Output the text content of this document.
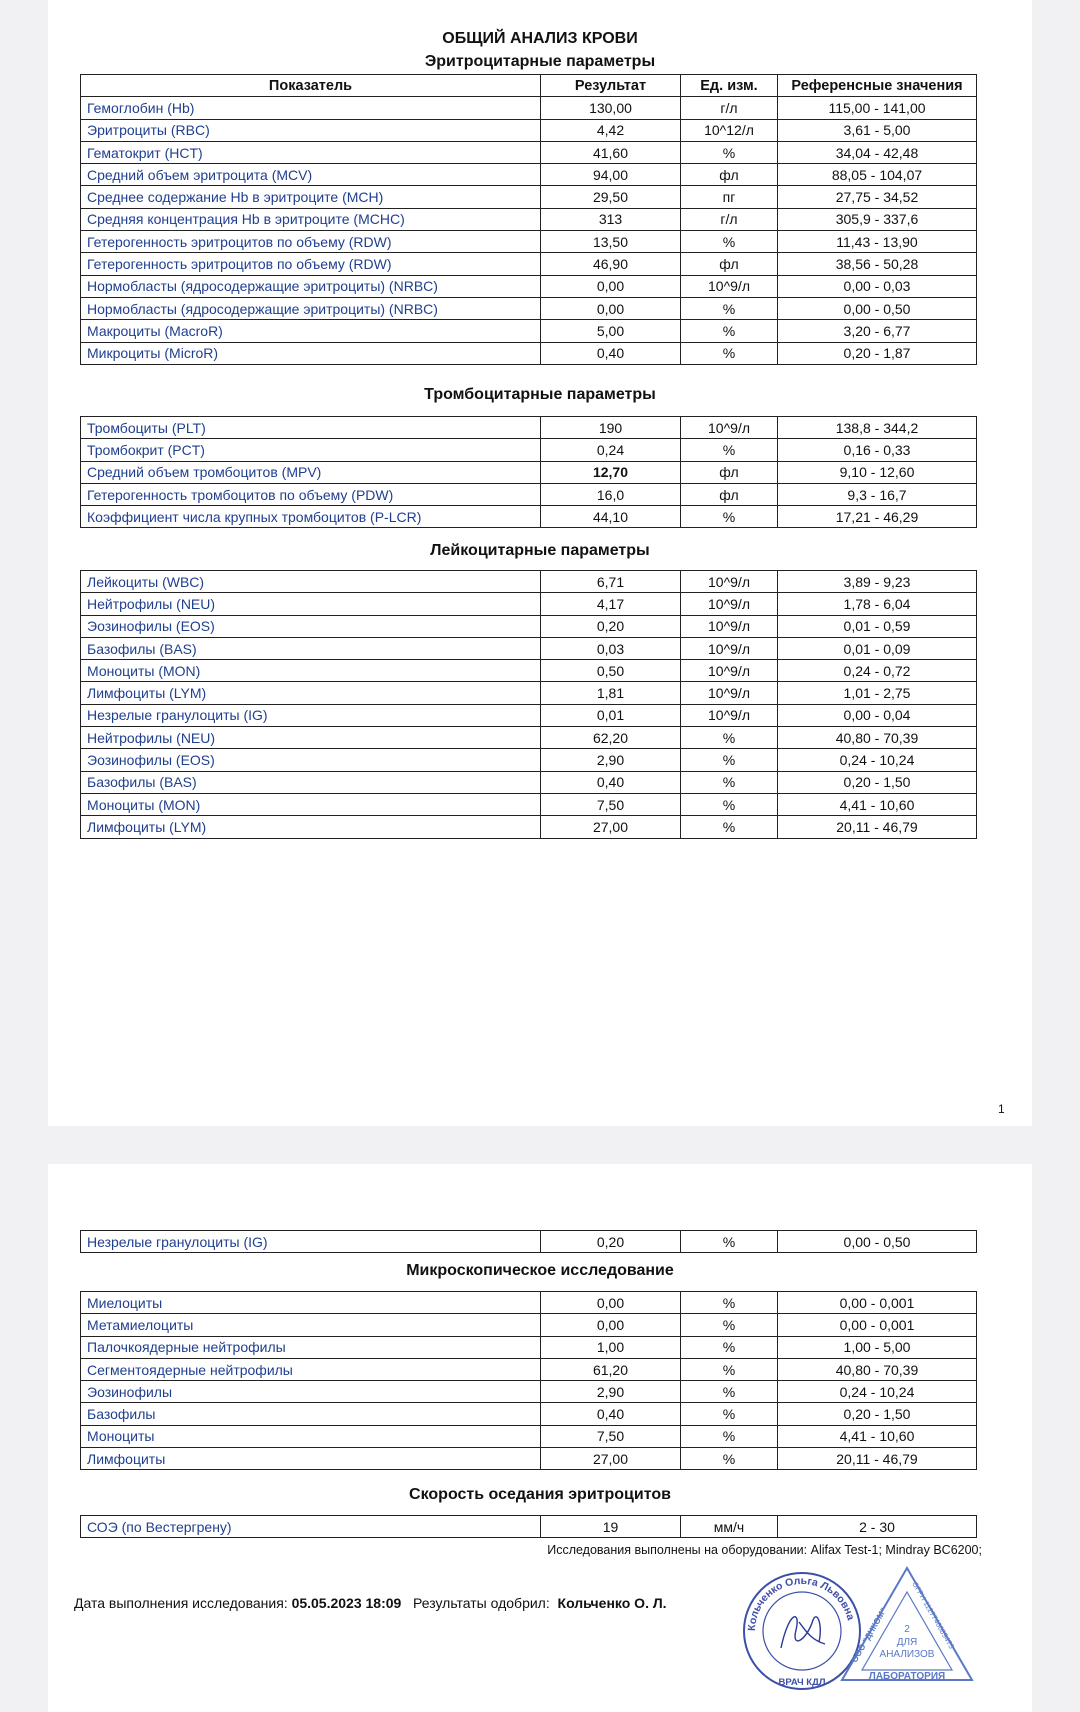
ОБЩИЙ АНАЛИЗ КРОВИ
Эритроцитарные параметры
Показатель	Результат	Ед. изм.	Референсные значения
Гемоглобин (Hb)	130,00	г/л	115,00 - 141,00
Эритроциты (RBC)	4,42	10^12/л	3,61 - 5,00
Гематокрит (HCT)	41,60	%	34,04 - 42,48
Средний объем эритроцита (MCV)	94,00	фл	88,05 - 104,07
Среднее содержание Hb в эритроците (MCH)	29,50	пг	27,75 - 34,52
Средняя концентрация Hb в эритроците (MCHC)	313	г/л	305,9 - 337,6
Гетерогенность эритроцитов по объему (RDW)	13,50	%	11,43 - 13,90
Гетерогенность эритроцитов по объему (RDW)	46,90	фл	38,56 - 50,28
Нормобласты (ядросодержащие эритроциты) (NRBC)	0,00	10^9/л	0,00 - 0,03
Нормобласты (ядросодержащие эритроциты) (NRBC)	0,00	%	0,00 - 0,50
Макроциты (MacroR)	5,00	%	3,20 - 6,77
Микроциты (MicroR)	0,40	%	0,20 - 1,87
Тромбоцитарные параметры
Тромбоциты (PLT)	190	10^9/л	138,8 - 344,2
Тромбокрит (PCT)	0,24	%	0,16 - 0,33
Средний объем тромбоцитов (MPV)	12,70	фл	9,10 - 12,60
Гетерогенность тромбоцитов по объему (PDW)	16,0	фл	9,3 - 16,7
Коэффициент числа крупных тромбоцитов (P-LCR)	44,10	%	17,21 - 46,29
Лейкоцитарные параметры
Лейкоциты (WBC)	6,71	10^9/л	3,89 - 9,23
Нейтрофилы (NEU)	4,17	10^9/л	1,78 - 6,04
Эозинофилы (EOS)	0,20	10^9/л	0,01 - 0,59
Базофилы (BAS)	0,03	10^9/л	0,01 - 0,09
Моноциты (MON)	0,50	10^9/л	0,24 - 0,72
Лимфоциты (LYM)	1,81	10^9/л	1,01 - 2,75
Незрелые гранулоциты (IG)	0,01	10^9/л	0,00 - 0,04
Нейтрофилы (NEU)	62,20	%	40,80 - 70,39
Эозинофилы (EOS)	2,90	%	0,24 - 10,24
Базофилы (BAS)	0,40	%	0,20 - 1,50
Моноциты (MON)	7,50	%	4,41 - 10,60
Лимфоциты (LYM)	27,00	%	20,11 - 46,79
1
Незрелые гранулоциты (IG)	0,20	%	0,00 - 0,50
Микроскопическое исследование
Миелоциты	0,00	%	0,00 - 0,001
Метамиелоциты	0,00	%	0,00 - 0,001
Палочкоядерные нейтрофилы	1,00	%	1,00 - 5,00
Сегментоядерные нейтрофилы	61,20	%	40,80 - 70,39
Эозинофилы	2,90	%	0,24 - 10,24
Базофилы	0,40	%	0,20 - 1,50
Моноциты	7,50	%	4,41 - 10,60
Лимфоциты	27,00	%	20,11 - 46,79
Скорость оседания эритроцитов
СОЭ (по Вестергрену)	19	мм/ч	2 - 30
Исследования выполнены на оборудовании: Alifax Test-1; Mindray BC6200;
Дата выполнения исследования: 05.05.2023 18:09 Результаты одобрил: Кольченко О. Л.
Кольченко Ольга Львовна
ВРАЧ КДЛ
ООО "ДНКОМ"
ОГРН 1127746089475
2
ДЛЯ
АНАЛИЗОВ
ЛАБОРАТОРИЯ
